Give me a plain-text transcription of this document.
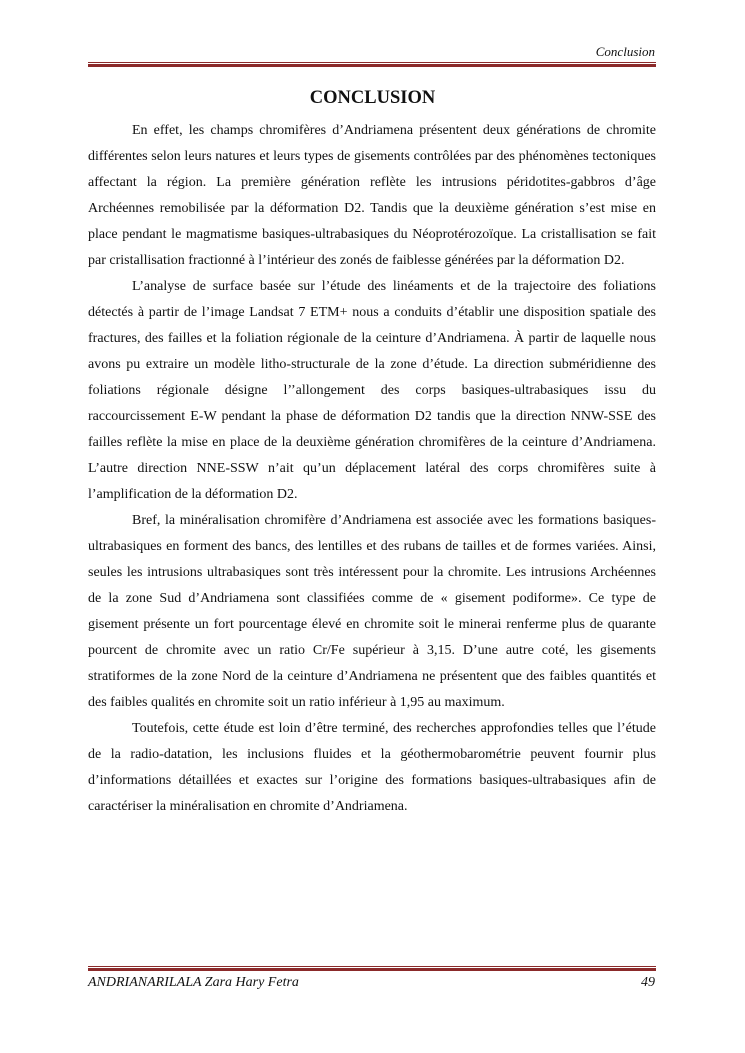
Conclusion
CONCLUSION

En effet, les champs chromifères d’Andriamena présentent deux générations de chromite différentes selon leurs natures et leurs types de gisements contrôlées par des phénomènes tectoniques affectant la région. La première génération reflète les intrusions péridotites-gabbros d’âge Archéennes remobilisée par la déformation D2. Tandis que la deuxième génération s’est mise en place pendant le magmatisme basiques-ultrabasiques du Néoprotérozoïque. La cristallisation se fait par cristallisation fractionné à l’intérieur des zonés de faiblesse générées par la déformation D2.

L’analyse de surface basée sur l’étude des linéaments et de la trajectoire des foliations détectés à partir de l’image Landsat 7 ETM+ nous a conduits d’établir une disposition spatiale des fractures, des failles et la foliation régionale de la ceinture d’Andriamena. À partir de laquelle nous avons pu extraire un modèle litho-structurale de la zone d’étude. La direction subméridienne des foliations régionale désigne l’’allongement des corps basiques-ultrabasiques issu du raccourcissement E-W pendant la phase de déformation D2 tandis que la direction NNW-SSE des failles reflète la mise en place de la deuxième génération chromifères de la ceinture d’Andriamena. L’autre direction NNE-SSW n’ait qu’un déplacement latéral des corps chromifères suite à l’amplification de la déformation D2.

Bref, la minéralisation chromifère d’Andriamena est associée avec les formations basiques-ultrabasiques en forment des bancs, des lentilles et des rubans de tailles et de formes variées. Ainsi, seules les intrusions ultrabasiques sont très intéressent pour la chromite. Les intrusions Archéennes de la zone Sud d’Andriamena sont classifiées comme de « gisement podiforme». Ce type de gisement présente un fort pourcentage élevé en chromite soit le minerai renferme plus de quarante pourcent de chromite avec un ratio Cr/Fe supérieur à 3,15. D’une autre coté, les gisements stratiformes de la zone Nord de la ceinture d’Andriamena ne présentent que des faibles quantités et des faibles qualités en chromite soit un ratio inférieur à 1,95 au maximum.

Toutefois, cette étude est loin d’être terminé, des recherches approfondies telles que l’étude de la radio-datation, les inclusions fluides et la géothermobarométrie peuvent fournir plus d’informations détaillées et exactes sur l’origine des formations basiques-ultrabasiques afin de caractériser la minéralisation en chromite d’Andriamena.

ANDRIANARILALA Zara Hary Fetra	49
